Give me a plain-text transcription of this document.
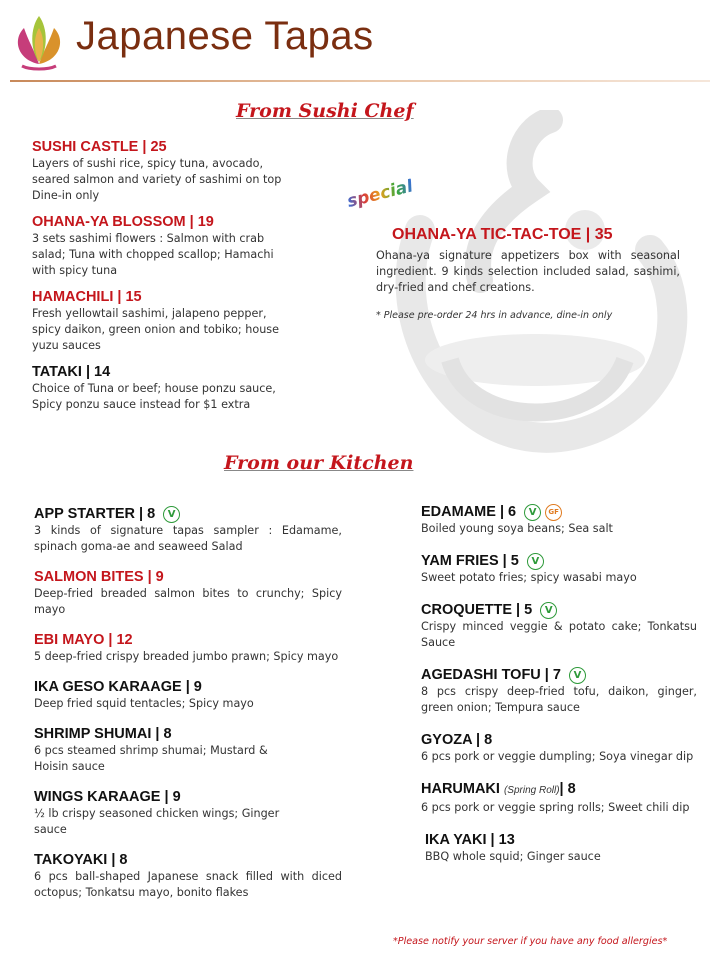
Japanese Tapas
From Sushi Chef
SUSHI CASTLE | 25
Layers of sushi rice, spicy tuna, avocado,
seared salmon and variety of sashimi on top
Dine-in only
OHANA-YA BLOSSOM | 19
3 sets sashimi flowers : Salmon with crab
salad; Tuna with chopped scallop; Hamachi
with spicy tuna
HAMACHILI | 15
Fresh yellowtail sashimi, jalapeno pepper,
spicy daikon, green onion and tobiko; house
yuzu sauces
TATAKI | 14
Choice of Tuna or beef; house ponzu sauce,
Spicy ponzu sauce instead for $1 extra
special
OHANA-YA TIC-TAC-TOE | 35
Ohana-ya signature appetizers box with seasonal ingredient. 9 kinds selection included salad, sashimi, dry-fried and chef creations.
* Please pre-order 24 hrs in advance, dine-in only
From our Kitchen
APP STARTER | 8 V
3 kinds of signature tapas sampler : Edamame, spinach goma-ae and seaweed Salad
SALMON BITES | 9
Deep-fried breaded salmon bites to crunchy; Spicy mayo
EBI MAYO | 12
5 deep-fried crispy breaded jumbo prawn; Spicy mayo
IKA GESO KARAAGE | 9
Deep fried squid tentacles; Spicy mayo
SHRIMP SHUMAI | 8
6 pcs steamed shrimp shumai; Mustard & Hoisin sauce
WINGS KARAAGE | 9
½ lb crispy seasoned chicken wings; Ginger sauce
TAKOYAKI | 8
6 pcs ball-shaped Japanese snack filled with diced octopus; Tonkatsu mayo, bonito flakes
EDAMAME | 6 V GF
Boiled young soya beans; Sea salt
YAM FRIES | 5 V
Sweet potato fries; spicy wasabi mayo
CROQUETTE | 5 V
Crispy minced veggie & potato cake; Tonkatsu Sauce
AGEDASHI TOFU | 7 V
8 pcs crispy deep-fried tofu, daikon, ginger, green onion; Tempura sauce
GYOZA | 8
6 pcs pork or veggie dumpling; Soya vinegar dip
HARUMAKI (Spring Roll)| 8
6 pcs pork or veggie spring rolls; Sweet chili dip
IKA YAKI | 13
BBQ whole squid; Ginger sauce
*Please notify your server if you have any food allergies*
